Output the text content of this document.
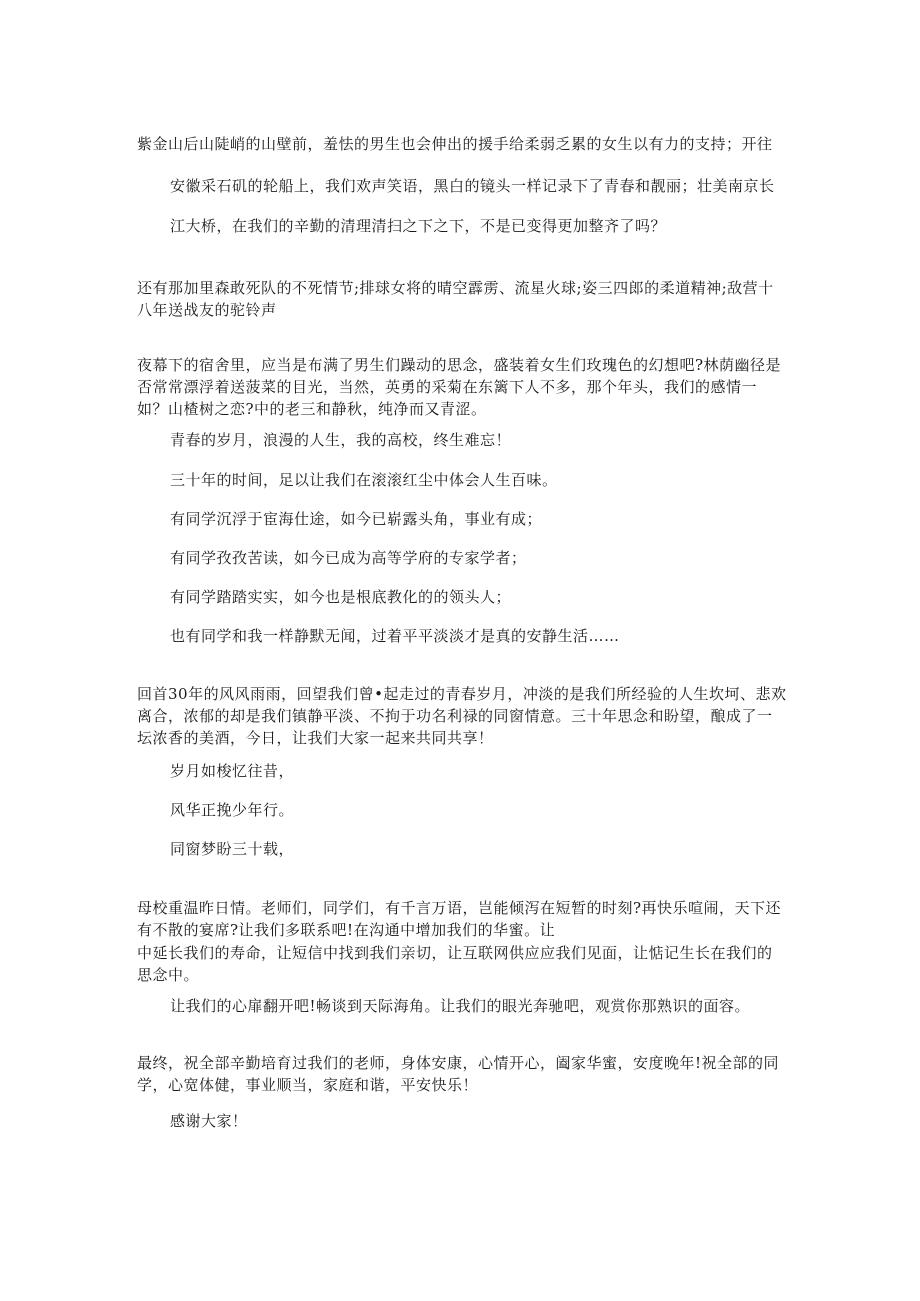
紫金山后山陡峭的山壁前，羞怯的男生也会伸出的援手给柔弱乏累的女生以有力的支持；开往
安徽采石矶的轮船上，我们欢声笑语，黑白的镜头一样记录下了青春和靓丽；壮美南京长
江大桥，在我们的辛勤的清理清扫之下之下，不是已变得更加整齐了吗？
还有那加里森敢死队的不死情节;排球女将的晴空霹雳、流星火球;姿三四郎的柔道精神;敌营十八年送战友的驼铃声
夜幕下的宿舍里，应当是布满了男生们躁动的思念，盛装着女生们玫瑰色的幻想吧?林荫幽径是否常常漂浮着送菠菜的目光，当然，英勇的采菊在东篱下人不多，那个年头，我们的感情一如？山楂树之恋?中的老三和静秋，纯净而又青涩。
青春的岁月，浪漫的人生，我的高校，终生难忘！
三十年的时间，足以让我们在滚滚红尘中体会人生百味。
有同学沉浮于宦海仕途，如今已崭露头角，事业有成；
有同学孜孜苦读，如今已成为高等学府的专家学者；
有同学踏踏实实，如今也是根底教化的的领头人；
也有同学和我一样静默无闻，过着平平淡淡才是真的安静生活……
回首30年的风风雨雨，回望我们曾•起走过的青春岁月，冲淡的是我们所经验的人生坎坷、悲欢离合，浓郁的却是我们镇静平淡、不拘于功名利禄的同窗情意。三十年思念和盼望，酿成了一坛浓香的美酒，今日，让我们大家一起来共同共享！
岁月如梭忆往昔，
风华正挽少年行。
同窗梦盼三十载，
母校重温昨日情。老师们，同学们，有千言万语，岂能倾泻在短暂的时刻?再快乐喧闹，天下还有不散的宴席?让我们多联系吧!在沟通中增加我们的华蜜。让
中延长我们的寿命，让短信中找到我们亲切，让互联网供应应我们见面，让惦记生长在我们的思念中。
让我们的心扉翻开吧!畅谈到天际海角。让我们的眼光奔驰吧，观赏你那熟识的面容。
最终，祝全部辛勤培育过我们的老师，身体安康，心情开心，阖家华蜜，安度晚年!祝全部的同学，心宽体健，事业顺当，家庭和谐，平安快乐！
感谢大家！
